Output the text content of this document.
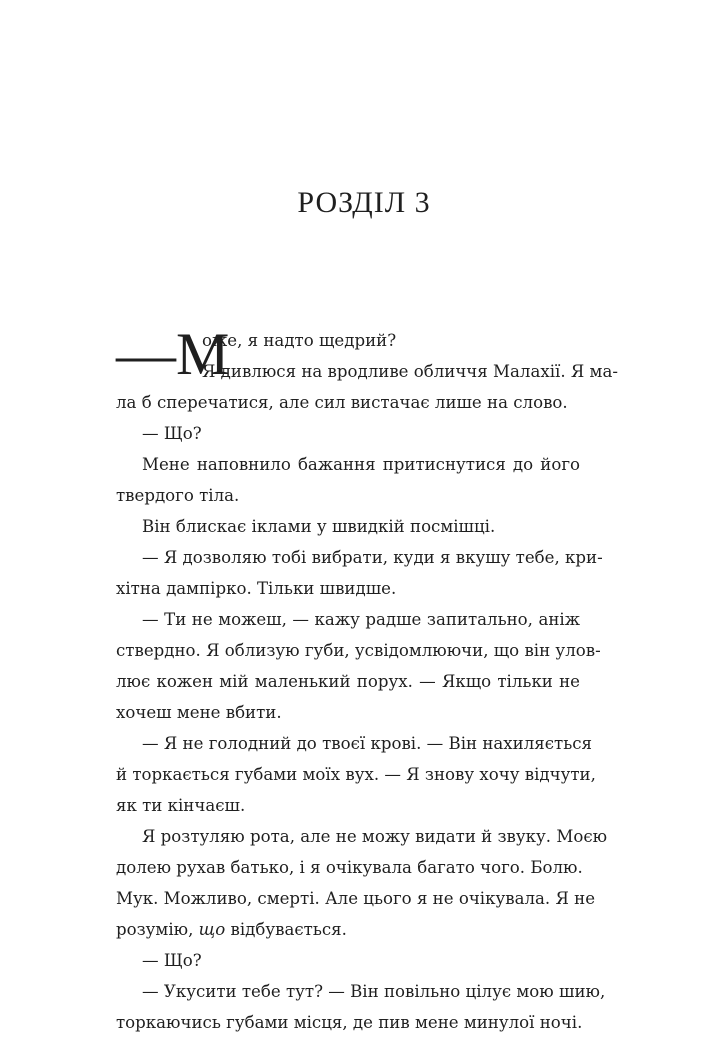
РОЗДІЛ 3
—М
оже, я надто щедрий?
Я дивлюся на вродливе обличчя Малахії. Я ма-
ла б сперечатися, але сил вистачає лише на слово.
— Що?
Мене наповнило бажання притиснутися до його
твердого тіла.
Він блискає іклами у швидкій посмішці.
— Я дозволяю тобі вибрати, куди я вкушу тебе, кри-
хітна дампірко. Тільки швидше.
— Ти не можеш, — кажу радше запитально, аніж
ствердно. Я облизую губи, усвідомлюючи, що він улов-
лює кожен мій маленький порух. — Якщо тільки не
хочеш мене вбити.
— Я не голодний до твоєї крові. — Він нахиляється
й торкається губами моїх вух. — Я знову хочу відчути,
як ти кінчаєш.
Я розтуляю рота, але не можу видати й звуку. Моєю
долею рухав батько, і я очікувала багато чого. Болю.
Мук. Можливо, смерті. Але цього я не очікувала. Я не
розумію, що відбувається.
— Що?
— Укусити тебе тут? — Він повільно цілує мою шию,
торкаючись губами місця, де пив мене минулої ночі.
